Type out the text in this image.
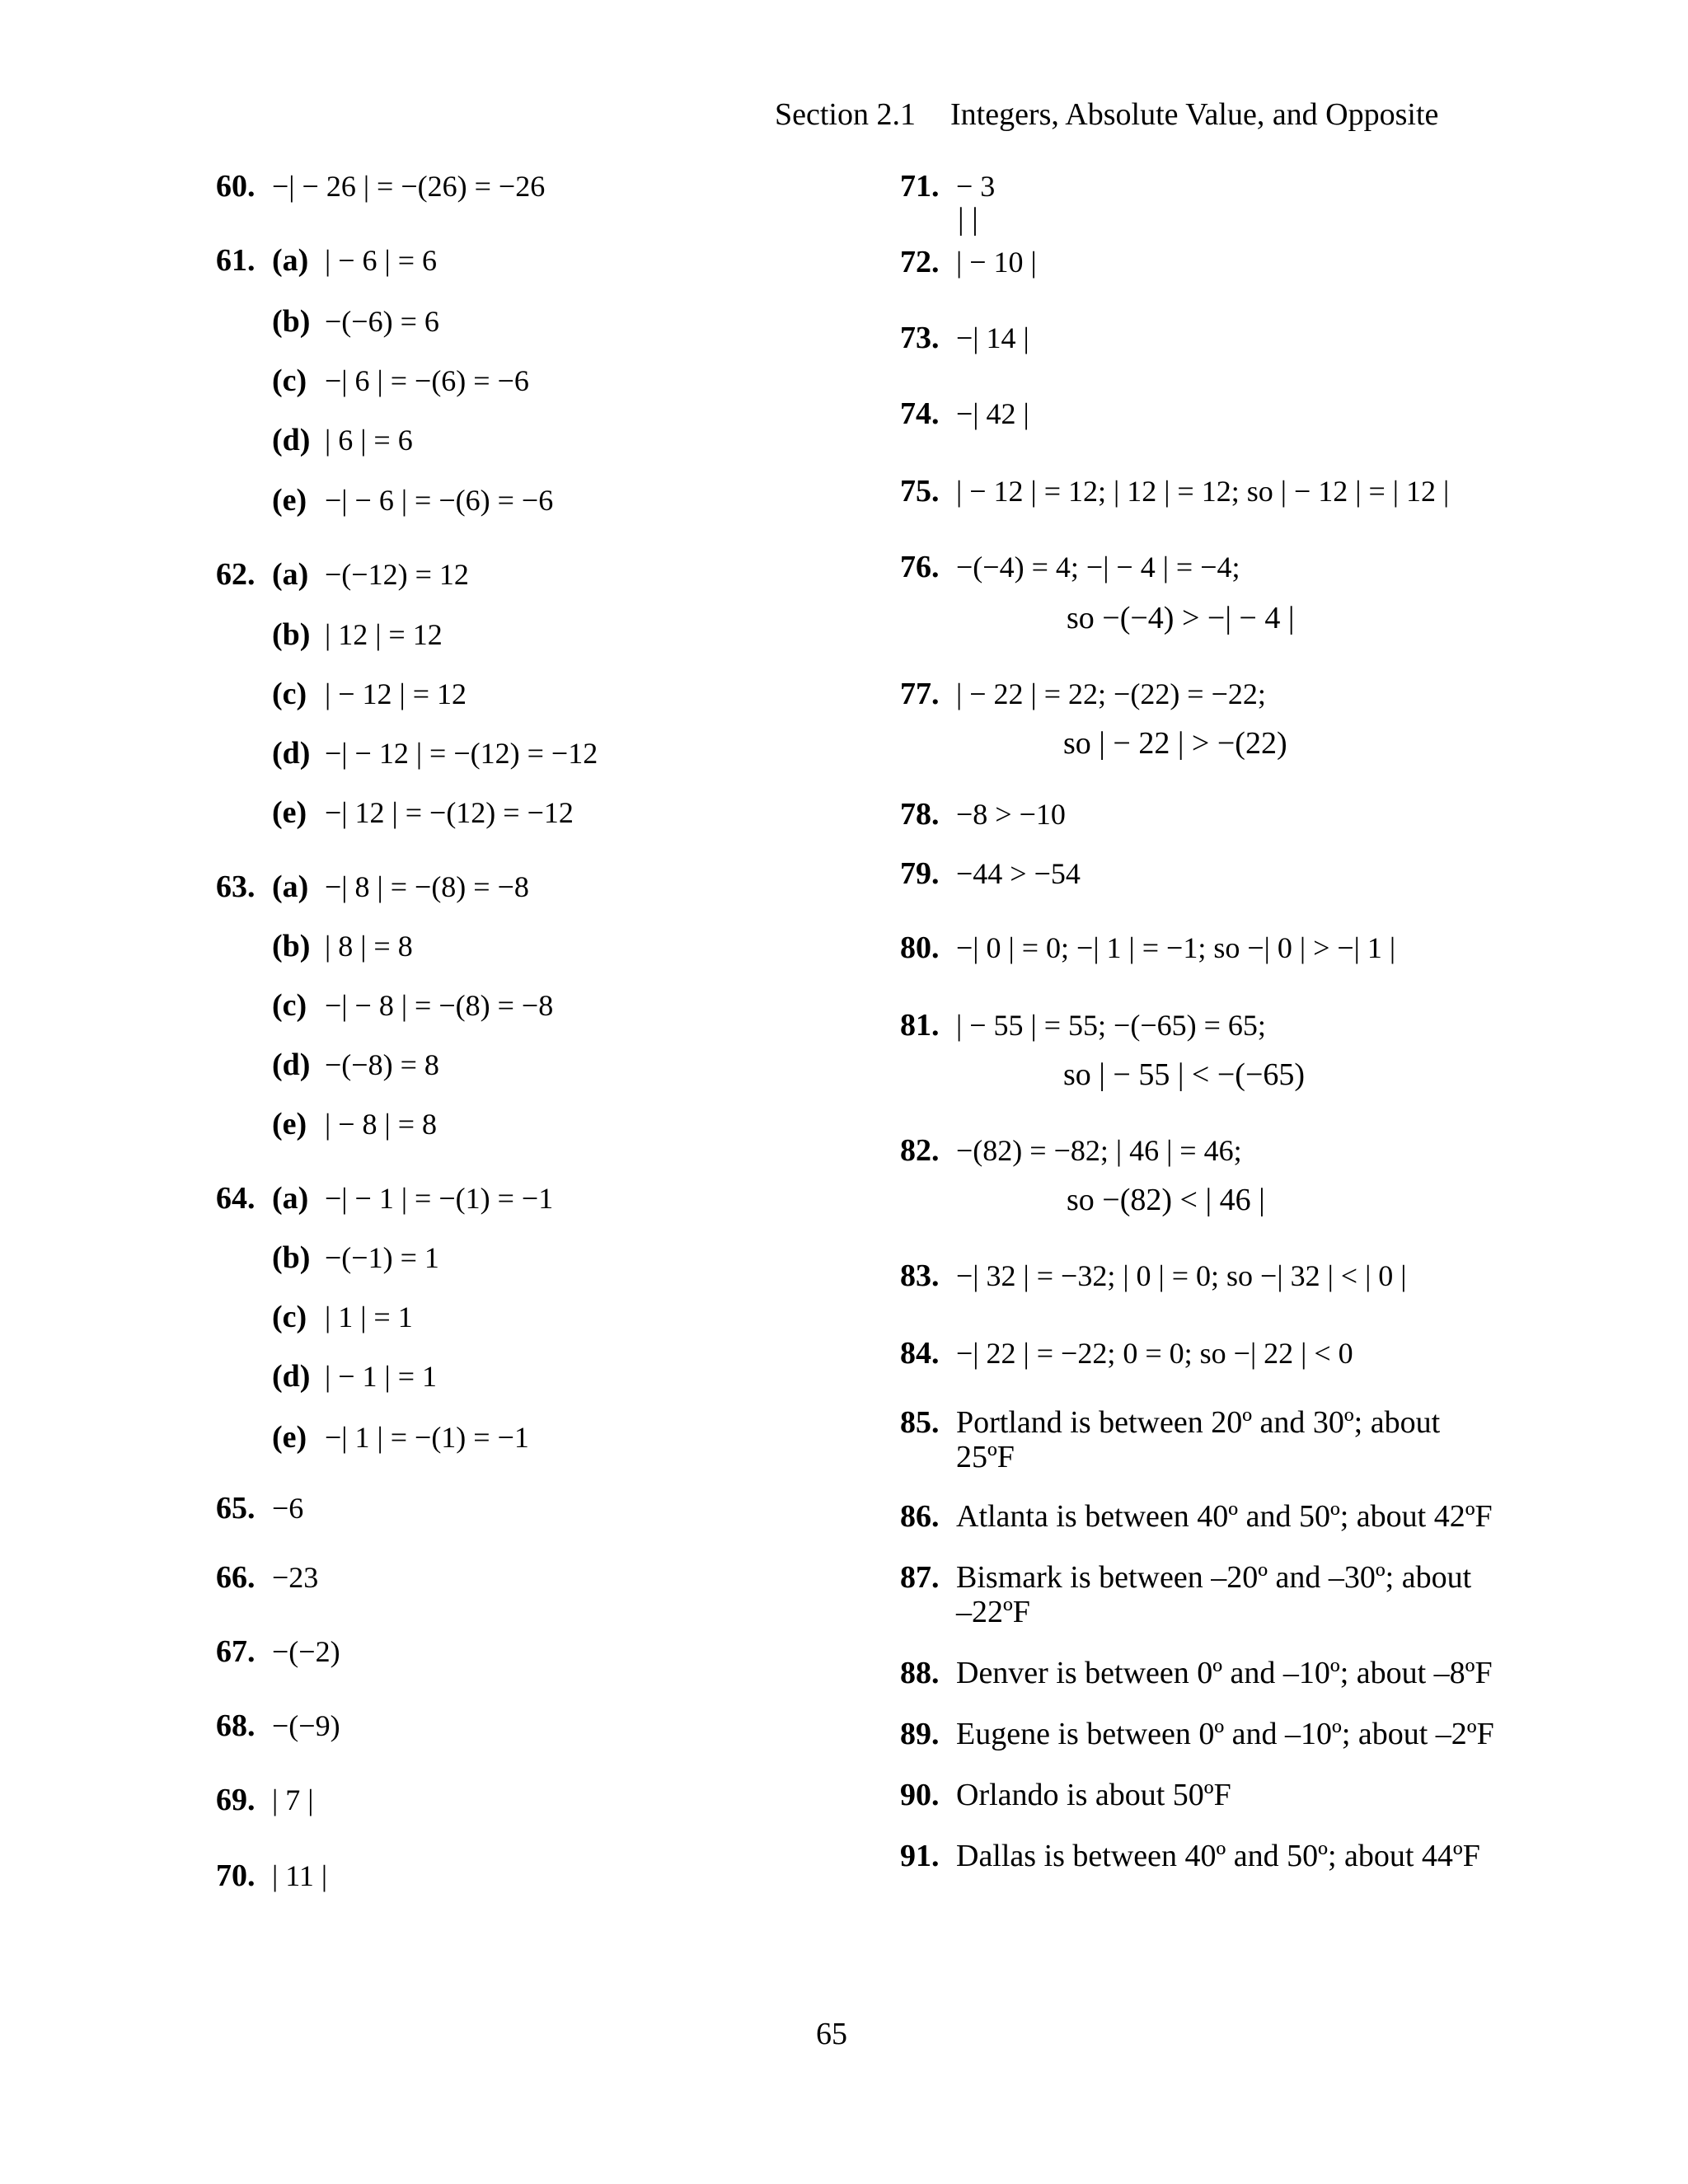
Section 2.1 Integers, Absolute Value, and Opposite
60. −| − 26 | = −(26) = −26
61. (a) | − 6 | = 6
(b) −(−6) = 6
(c) −| 6 | = −(6) = −6
(d) | 6 | = 6
(e) −| − 6 | = −(6) = −6
62. (a) −(−12) = 12
(b) | 12 | = 12
(c) | − 12 | = 12
(d) −| − 12 | = −(12) = −12
(e) −| 12 | = −(12) = −12
63. (a) −| 8 | = −(8) = −8
(b) | 8 | = 8
(c) −| − 8 | = −(8) = −8
(d) −(−8) = 8
(e) | − 8 | = 8
64. (a) −| − 1 | = −(1) = −1
(b) −(−1) = 1
(c) | 1 | = 1
(d) | − 1 | = 1
(e) −| 1 | = −(1) = −1
65. −6
66. −23
67. −(−2)
68. −(−9)
69. | 7 |
70. | 11 |
71. − 3
| |
72. | − 10 |
73. −| 14 |
74. −| 42 |
75. | − 12 | = 12; | 12 | = 12; so | − 12 | = | 12 |
76. −(−4) = 4; −| − 4 | = −4;
so −(−4) > −| − 4 |
77. | − 22 | = 22; −(22) = −22;
so | − 22 | > −(22)
78. −8 > −10
79. −44 > −54
80. −| 0 | = 0; −| 1 | = −1; so −| 0 | > −| 1 |
81. | − 55 | = 55; −(−65) = 65;
so | − 55 | < −(−65)
82. −(82) = −82; | 46 | = 46;
so −(82) < | 46 |
83. −| 32 | = −32; | 0 | = 0; so −| 32 | < | 0 |
84. −| 22 | = −22; 0 = 0; so −| 22 | < 0
85. Portland is between 20º and 30º; about
25ºF
86. Atlanta is between 40º and 50º; about 42ºF
87. Bismark is between –20º and –30º; about
–22ºF
88. Denver is between 0º and –10º; about –8ºF
89. Eugene is between 0º and –10º; about –2ºF
90. Orlando is about 50ºF
91. Dallas is between 40º and 50º; about 44ºF
65
